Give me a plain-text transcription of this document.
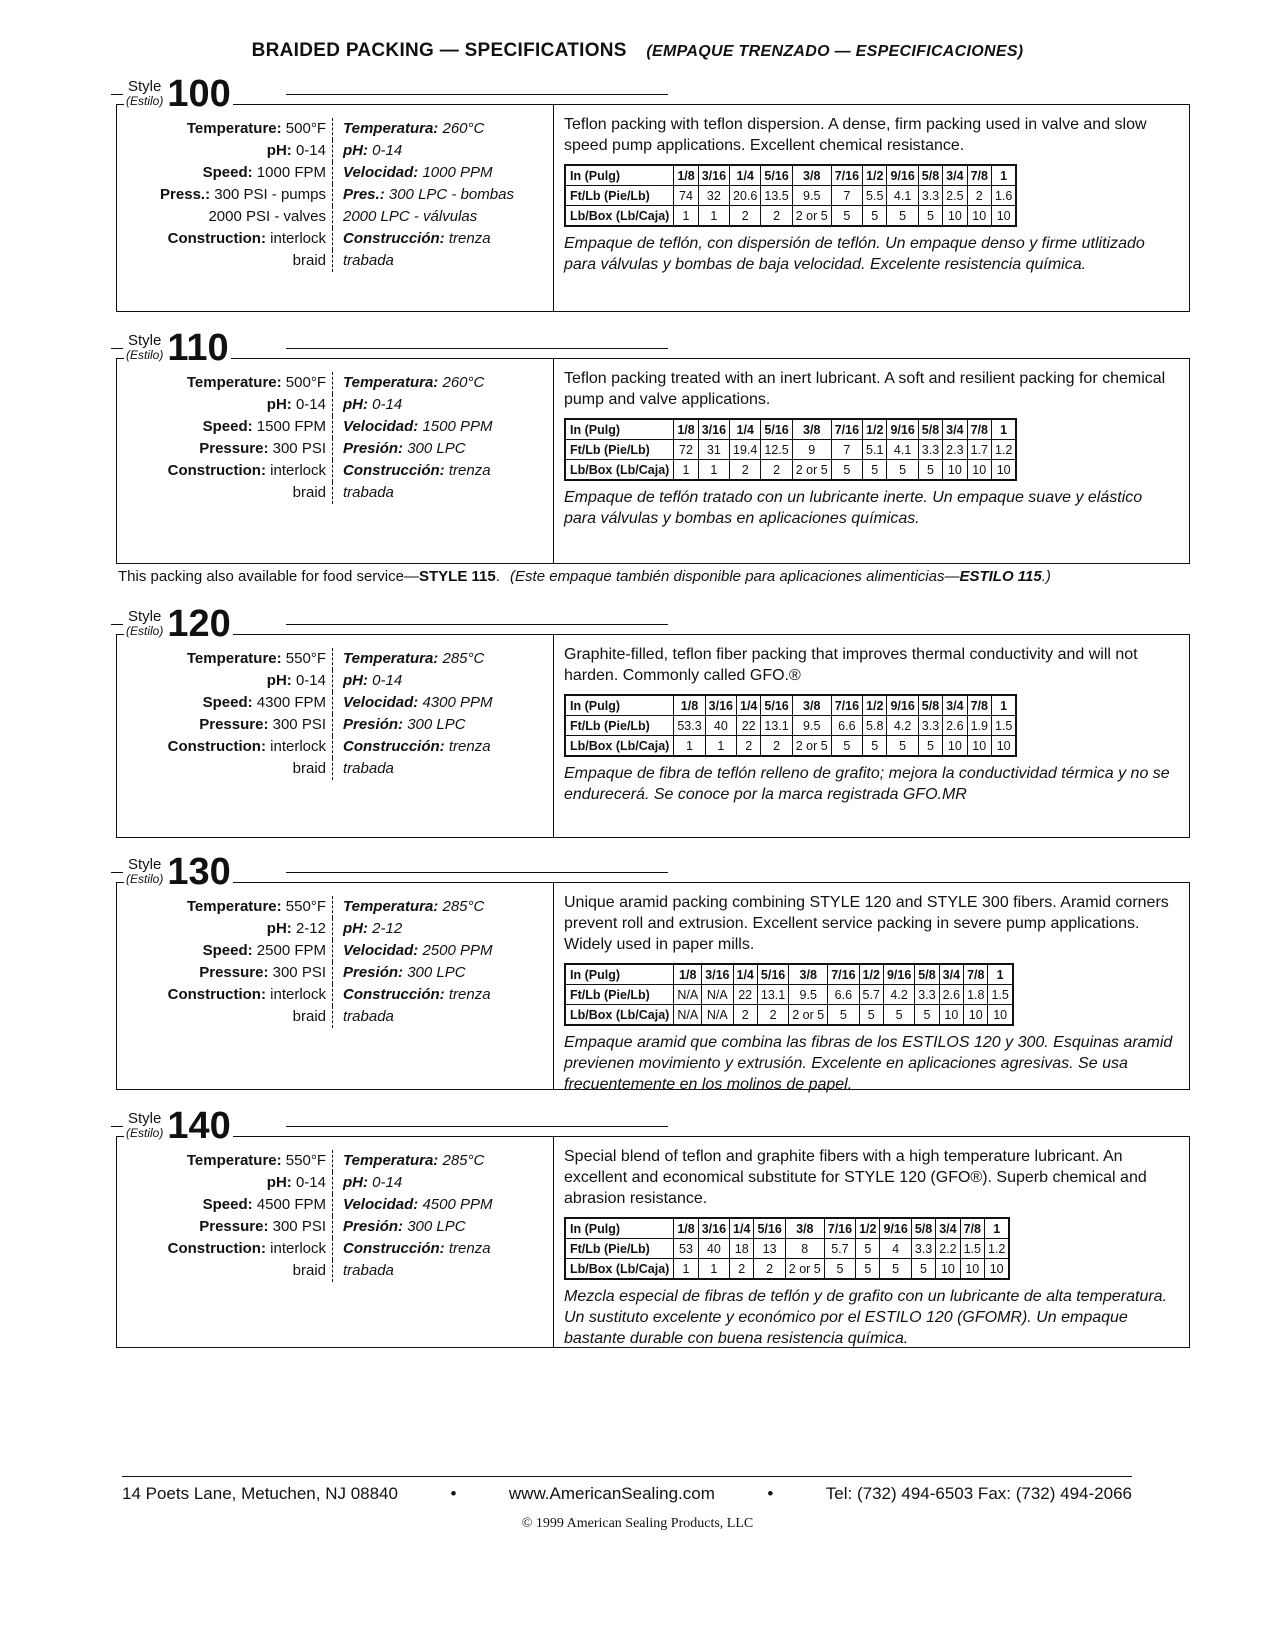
BRAIDED PACKING — SPECIFICATIONS (EMPAQUE TRENZADO — ESPECIFICACIONES)
Style
(Estilo) 100
Temperature: 500°F Temperatura: 260°C
pH: 0-14 pH: 0-14
Speed: 1000 FPM Velocidad: 1000 PPM
Press.: 300 PSI - pumps Pres.: 300 LPC - bombas
2000 PSI - valves 2000 LPC - válvulas
Construction: interlock Construcción: trenza
braid trabada
Teflon packing with teflon dispersion. A dense, firm packing used in valve and slow speed pump applications. Excellent chemical resistance.
In (Pulg)	1/8	3/16	1/4	5/16	3/8	7/16	1/2	9/16	5/8	3/4	7/8	1
Ft/Lb (Pie/Lb)	74	32	20.6	13.5	9.5	7	5.5	4.1	3.3	2.5	2	1.6
Lb/Box (Lb/Caja)	1	1	2	2	2 or 5	5	5	5	5	10	10	10
Empaque de teflón, con dispersión de teflón. Un empaque denso y firme utlitizado para válvulas y bombas de baja velocidad. Excelente resistencia química.
Style
(Estilo) 110
Temperature: 500°F Temperatura: 260°C
pH: 0-14 pH: 0-14
Speed: 1500 FPM Velocidad: 1500 PPM
Pressure: 300 PSI Presión: 300 LPC
Construction: interlock Construcción: trenza
braid trabada
Teflon packing treated with an inert lubricant. A soft and resilient packing for chemical pump and valve applications.
In (Pulg)	1/8	3/16	1/4	5/16	3/8	7/16	1/2	9/16	5/8	3/4	7/8	1
Ft/Lb (Pie/Lb)	72	31	19.4	12.5	9	7	5.1	4.1	3.3	2.3	1.7	1.2
Lb/Box (Lb/Caja)	1	1	2	2	2 or 5	5	5	5	5	10	10	10
Empaque de teflón tratado con un lubricante inerte. Un empaque suave y elástico para válvulas y bombas en aplicaciones químicas.
Style
(Estilo) 120
Temperature: 550°F Temperatura: 285°C
pH: 0-14 pH: 0-14
Speed: 4300 FPM Velocidad: 4300 PPM
Pressure: 300 PSI Presión: 300 LPC
Construction: interlock Construcción: trenza
braid trabada
Graphite-filled, teflon fiber packing that improves thermal conductivity and will not harden. Commonly called GFO.®
In (Pulg)	1/8	3/16	1/4	5/16	3/8	7/16	1/2	9/16	5/8	3/4	7/8	1
Ft/Lb (Pie/Lb)	53.3	40	22	13.1	9.5	6.6	5.8	4.2	3.3	2.6	1.9	1.5
Lb/Box (Lb/Caja)	1	1	2	2	2 or 5	5	5	5	5	10	10	10
Empaque de fibra de teflón relleno de grafito; mejora la conductividad térmica y no se endurecerá. Se conoce por la marca registrada GFO.MR
Style
(Estilo) 130
Temperature: 550°F Temperatura: 285°C
pH: 2-12 pH: 2-12
Speed: 2500 FPM Velocidad: 2500 PPM
Pressure: 300 PSI Presión: 300 LPC
Construction: interlock Construcción: trenza
braid trabada
Unique aramid packing combining STYLE 120 and STYLE 300 fibers. Aramid corners prevent roll and extrusion. Excellent service packing in severe pump applications. Widely used in paper mills.
In (Pulg)	1/8	3/16	1/4	5/16	3/8	7/16	1/2	9/16	5/8	3/4	7/8	1
Ft/Lb (Pie/Lb)	N/A	N/A	22	13.1	9.5	6.6	5.7	4.2	3.3	2.6	1.8	1.5
Lb/Box (Lb/Caja)	N/A	N/A	2	2	2 or 5	5	5	5	5	10	10	10
Empaque aramid que combina las fibras de los ESTILOS 120 y 300. Esquinas aramid previenen movimiento y extrusión. Excelente en aplicaciones agresivas. Se usa frecuentemente en los molinos de papel.
Style
(Estilo) 140
Temperature: 550°F Temperatura: 285°C
pH: 0-14 pH: 0-14
Speed: 4500 FPM Velocidad: 4500 PPM
Pressure: 300 PSI Presión: 300 LPC
Construction: interlock Construcción: trenza
braid trabada
Special blend of teflon and graphite fibers with a high temperature lubricant. An excellent and economical substitute for STYLE 120 (GFO®). Superb chemical and abrasion resistance.
In (Pulg)	1/8	3/16	1/4	5/16	3/8	7/16	1/2	9/16	5/8	3/4	7/8	1
Ft/Lb (Pie/Lb)	53	40	18	13	8	5.7	5	4	3.3	2.2	1.5	1.2
Lb/Box (Lb/Caja)	1	1	2	2	2 or 5	5	5	5	5	10	10	10
Mezcla especial de fibras de teflón y de grafito con un lubricante de alta temperatura. Un sustituto excelente y económico por el ESTILO 120 (GFOMR). Un empaque bastante durable con buena resistencia química.
This packing also available for food service—STYLE 115. (Este empaque también disponible para aplicaciones alimenticias—ESTILO 115.)
14 Poets Lane, Metuchen, NJ 08840	•	www.AmericanSealing.com	•	Tel: (732) 494-6503 Fax: (732) 494-2066
© 1999 American Sealing Products, LLC
